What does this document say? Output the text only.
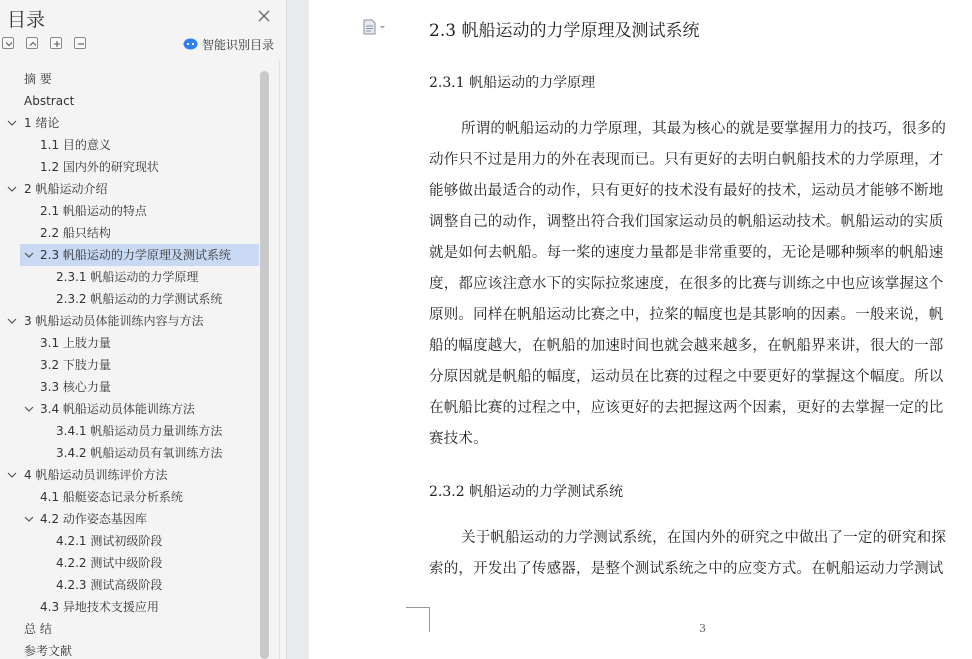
目录
智能识别目录
摘 要
Abstract
1 绪论
1.1 目的意义
1.2 国内外的研究现状
2 帆船运动介绍
2.1 帆船运动的特点
2.2 船只结构
2.3 帆船运动的力学原理及测试系统
2.3.1 帆船运动的力学原理
2.3.2 帆船运动的力学测试系统
3 帆船运动员体能训练内容与方法
3.1 上肢力量
3.2 下肢力量
3.3 核心力量
3.4 帆船运动员体能训练方法
3.4.1 帆船运动员力量训练方法
3.4.2 帆船运动员有氧训练方法
4 帆船运动员训练评价方法
4.1 船艇姿态记录分析系统
4.2 动作姿态基因库
4.2.1 测试初级阶段
4.2.2 测试中级阶段
4.2.3 测试高级阶段
4.3 异地技术支援应用
总 结
参考文献
2.3 帆船运动的力学原理及测试系统
2.3.1 帆船运动的力学原理
所谓的帆船运动的力学原理，其最为核心的就是要掌握用力的技巧，很多的
动作只不过是用力的外在表现而已。只有更好的去明白帆船技术的力学原理，才
能够做出最适合的动作，只有更好的技术没有最好的技术，运动员才能够不断地
调整自己的动作，调整出符合我们国家运动员的帆船运动技术。帆船运动的实质
就是如何去帆船。每一桨的速度力量都是非常重要的，无论是哪种频率的帆船速
度，都应该注意水下的实际拉浆速度，在很多的比赛与训练之中也应该掌握这个
原则。同样在帆船运动比赛之中，拉桨的幅度也是其影响的因素。一般来说，帆
船的幅度越大，在帆船的加速时间也就会越来越多，在帆船界来讲，很大的一部
分原因就是帆船的幅度，运动员在比赛的过程之中要更好的掌握这个幅度。所以
在帆船比赛的过程之中，应该更好的去把握这两个因素，更好的去掌握一定的比
赛技术。
2.3.2 帆船运动的力学测试系统
关于帆船运动的力学测试系统，在国内外的研究之中做出了一定的研究和探
索的，开发出了传感器，是整个测试系统之中的应变方式。在帆船运动力学测试
3
